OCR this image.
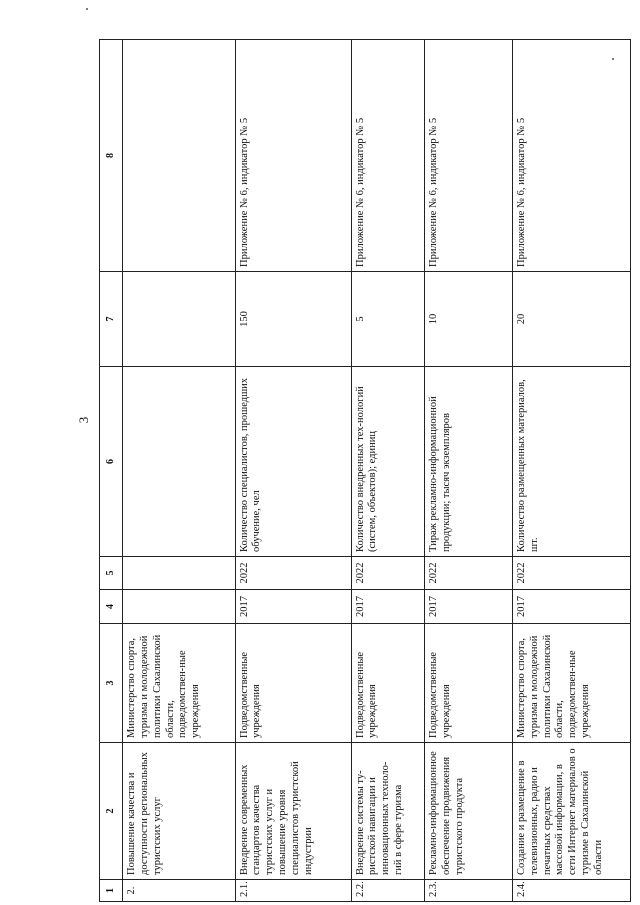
3
1	2	3	4	5	6	7	8
2.	Повышение качества и доступности региональных туристских услуг	Министерство спорта, туризма и молодежной политики Сахалинской области, подведомствен-ные учреждения					
2.1.	Внедрение современных стандартов качества туристских услуг и повышение уровня специалистов туристской индустрии	Подведомственные учреждения	2017	2022	Количество специалистов, прошедших обучение, чел	150	Приложение № 6, индикатор № 5
2.2.	Внедрение системы ту-ристской навигации и инновационных техноло-гий в сфере туризма	Подведомственные учреждения	2017	2022	Количество внедренных тех-нологий (систем, объектов); единиц	5	Приложение № 6, индикатор № 5
2.3.	Рекламно-информационное обеспечение продвижения туристского продукта	Подведомственные учреждения	2017	2022	Тираж рекламно-информационной продукции; тысяч экземпляров	10	Приложение № 6, индикатор № 5
2.4.	Создание и размещение в телевизионных, радио и печатных средствах массовой информации, в сети Интернет материалов о туризме в Сахалинской области	Министерство спорта, туризма и молодежной политики Сахалинской области, подведомствен-ные учреждения	2017	2022	Количество размещенных материалов, шт.	20	Приложение № 6, индикатор № 5
